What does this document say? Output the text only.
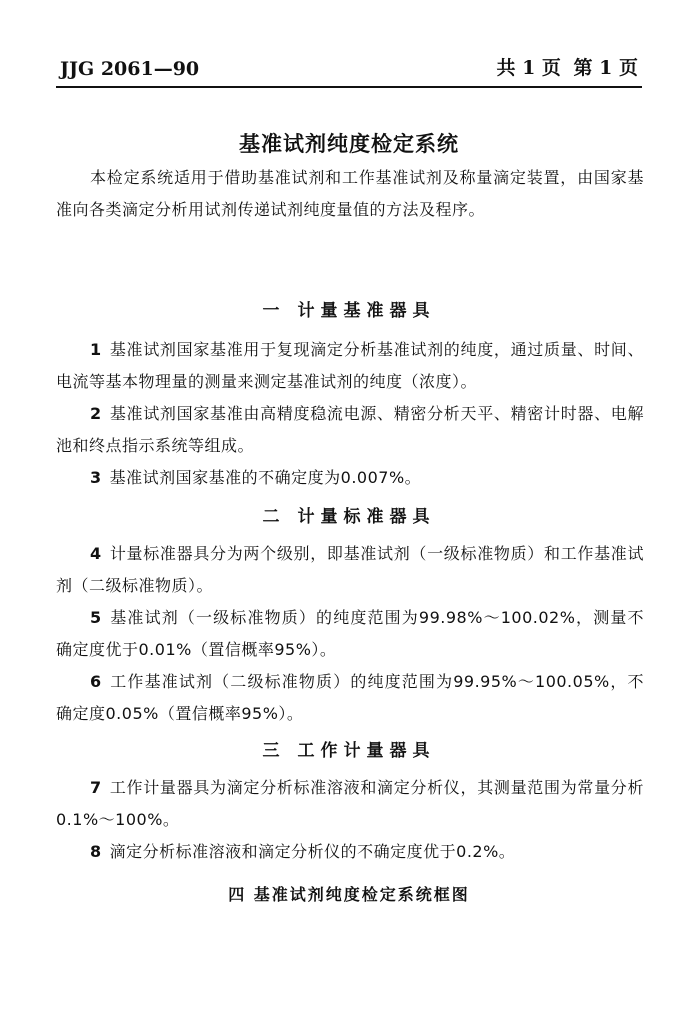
JJG 2061—90	共 1 页 第 1 页
基准试剂纯度检定系统
本检定系统适用于借助基准试剂和工作基准试剂及称量滴定装置，由国家基准向各类滴定分析用试剂传递试剂纯度量值的方法及程序。
一 计量基准器具

1 基准试剂国家基准用于复现滴定分析基准试剂的纯度，通过质量、时间、电流等基本物理量的测量来测定基准试剂的纯度（浓度）。

2 基准试剂国家基准由高精度稳流电源、精密分析天平、精密计时器、电解池和终点指示系统等组成。

3 基准试剂国家基准的不确定度为0.007%。

二 计量标准器具

4 计量标准器具分为两个级别，即基准试剂（一级标准物质）和工作基准试剂（二级标准物质）。

5 基准试剂（一级标准物质）的纯度范围为99.98%～100.02%，测量不确定度优于0.01%（置信概率95%）。

6 工作基准试剂（二级标准物质）的纯度范围为99.95%～100.05%，不确定度0.05%（置信概率95%）。

三 工作计量器具

7 工作计量器具为滴定分析标准溶液和滴定分析仪，其测量范围为常量分析0.1%～100%。

8 滴定分析标准溶液和滴定分析仪的不确定度优于0.2%。

四 基准试剂纯度检定系统框图
